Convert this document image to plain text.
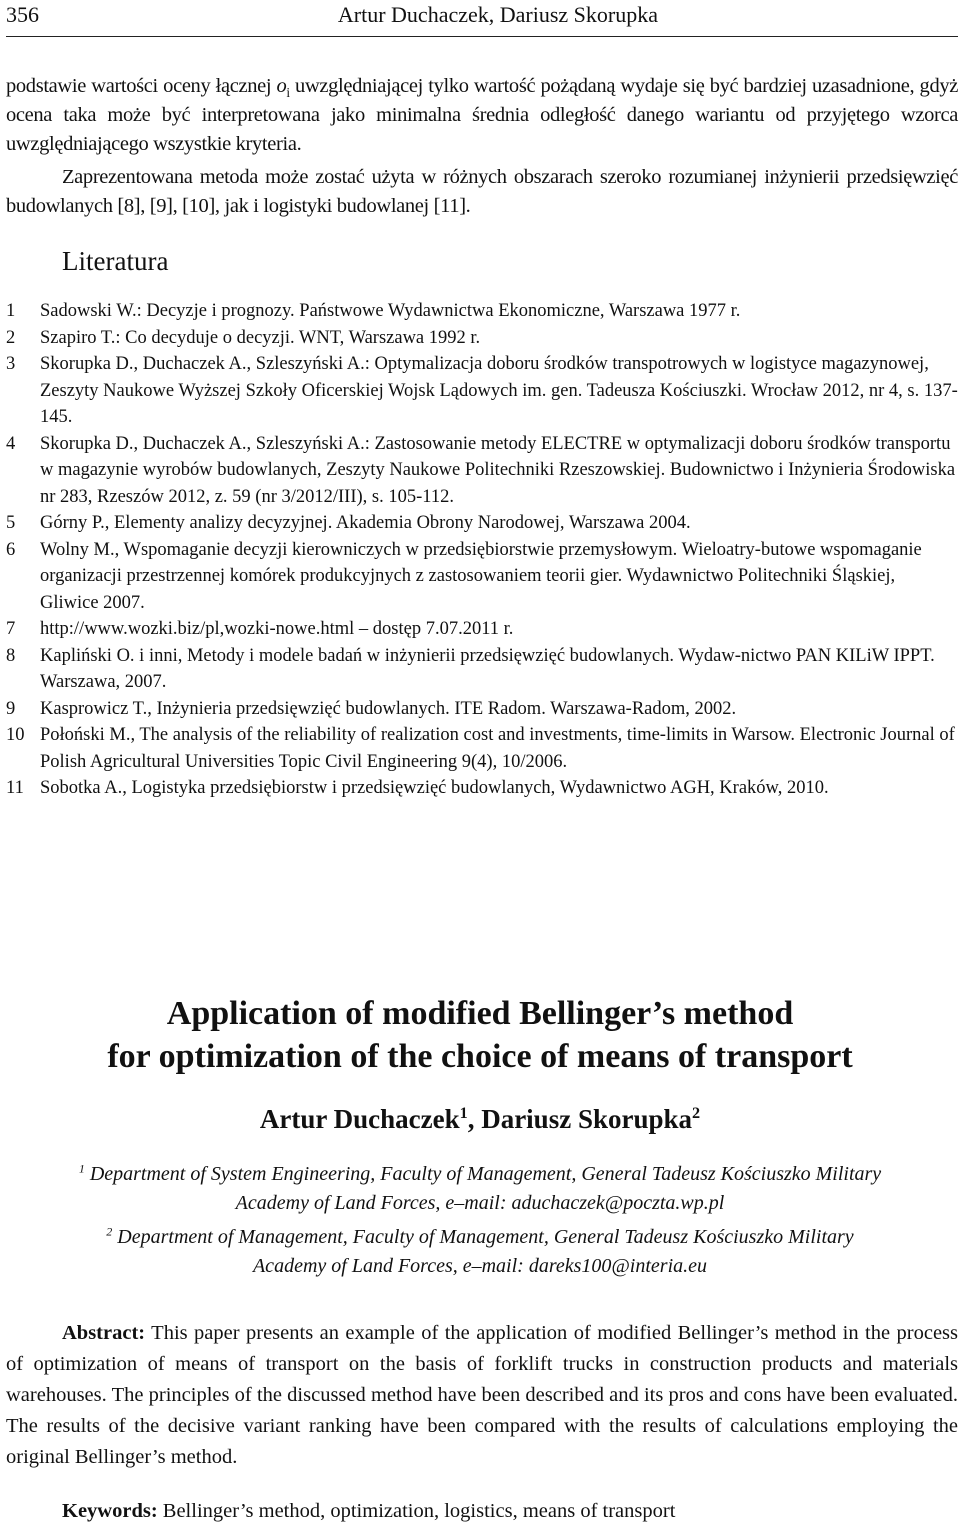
356	Artur Duchaczek, Dariusz Skorupka

podstawie wartości oceny łącznej $o_i$ uwzględniającej tylko wartość pożądaną wydaje się być bardziej uzasadnione, gdyż ocena taka może być interpretowana jako minimalna średnia odległość danego wariantu od przyjętego wzorca uwzględniającego wszystkie kryteria.

Zaprezentowana metoda może zostać użyta w różnych obszarach szeroko rozumianej inżynierii przedsięwzięć budowlanych [8], [9], [10], jak i logistyki budowlanej [11].

Literatura
1 Sadowski W.: Decyzje i prognozy. Państwowe Wydawnictwa Ekonomiczne, Warszawa 1977 r.
2 Szapiro T.: Co decyduje o decyzji. WNT, Warszawa 1992 r.
3 Skorupka D., Duchaczek A., Szleszyński A.: Optymalizacja doboru środków transpotrowych w logistyce magazynowej, Zeszyty Naukowe Wyższej Szkoły Oficerskiej Wojsk Lądowych im. gen. Tadeusza Kościuszki. Wrocław 2012, nr 4, s. 137-145.
4 Skorupka D., Duchaczek A., Szleszyński A.: Zastosowanie metody ELECTRE w optymalizacji doboru środków transportu w magazynie wyrobów budowlanych, Zeszyty Naukowe Politechniki Rzeszowskiej. Budownictwo i Inżynieria Środowiska nr 283, Rzeszów 2012, z. 59 (nr 3/2012/III), s. 105-112.
5 Górny P., Elementy analizy decyzyjnej. Akademia Obrony Narodowej, Warszawa 2004.
6 Wolny M., Wspomaganie decyzji kierowniczych w przedsiębiorstwie przemysłowym. Wieloatry-butowe wspomaganie organizacji przestrzennej komórek produkcyjnych z zastosowaniem teorii gier. Wydawnictwo Politechniki Śląskiej, Gliwice 2007.
7 http://www.wozki.biz/pl,wozki-nowe.html – dostęp 7.07.2011 r.
8 Kapliński O. i inni, Metody i modele badań w inżynierii przedsięwzięć budowlanych. Wydaw-nictwo PAN KILiW IPPT. Warszawa, 2007.
9 Kasprowicz T., Inżynieria przedsięwzięć budowlanych. ITE Radom. Warszawa-Radom, 2002.
10 Połoński M., The analysis of the reliability of realization cost and investments, time-limits in Warsow. Electronic Journal of Polish Agricultural Universities Topic Civil Engineering 9(4), 10/2006.
11 Sobotka A., Logistyka przedsiębiorstw i przedsięwzięć budowlanych, Wydawnictwo AGH, Kraków, 2010.
Application of modified Bellinger’s method
for optimization of the choice of means of transport
Artur Duchaczek$^1$, Dariusz Skorupka$^2$
$^1$ Department of System Engineering, Faculty of Management, General Tadeusz Kościuszko Military
Academy of Land Forces, e–mail: aduchaczek@poczta.wp.pl
$^2$ Department of Management, Faculty of Management, General Tadeusz Kościuszko Military
Academy of Land Forces, e–mail: dareks100@interia.eu

Abstract: This paper presents an example of the application of modified Bellinger’s method in the process of optimization of means of transport on the basis of forklift trucks in construction products and materials warehouses. The principles of the discussed method have been described and its pros and cons have been evaluated. The results of the decisive variant ranking have been compared with the results of calculations employing the original Bellinger’s method.

Keywords: Bellinger’s method, optimization, logistics, means of transport
